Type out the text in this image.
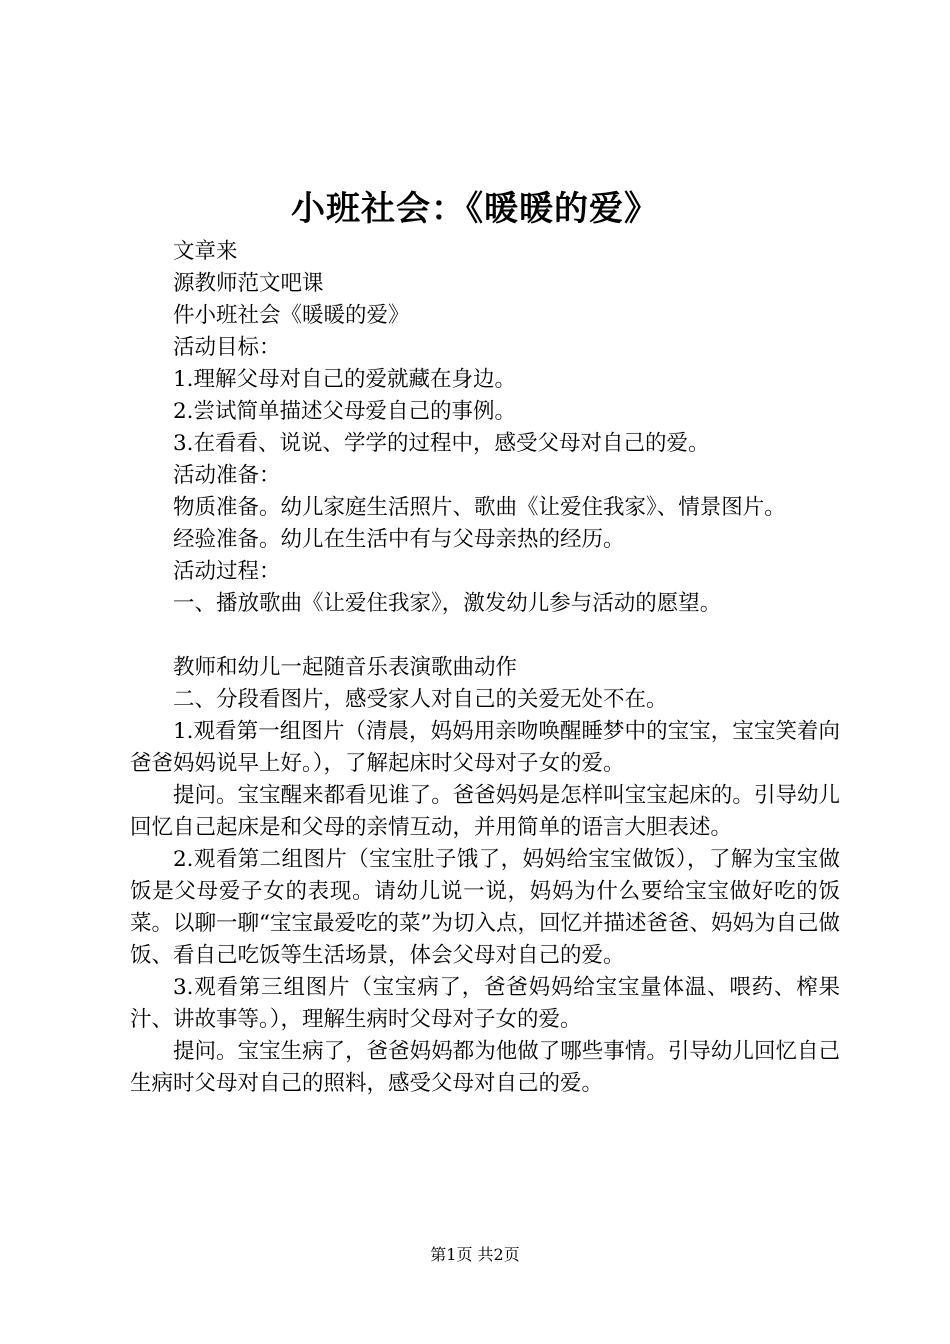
小班社会：《暖暖的爱》

文章来

源教师范文吧课

件小班社会《暖暖的爱》

活动目标：

1.理解父母对自己的爱就藏在身边。

2.尝试简单描述父母爱自己的事例。

3.在看看、说说、学学的过程中，感受父母对自己的爱。

活动准备：

物质准备。幼儿家庭生活照片、歌曲《让爱住我家》、情景图片。

经验准备。幼儿在生活中有与父母亲热的经历。

活动过程：

一、播放歌曲《让爱住我家》，激发幼儿参与活动的愿望。

教师和幼儿一起随音乐表演歌曲动作

二、分段看图片，感受家人对自己的关爱无处不在。

1.观看第一组图片（清晨，妈妈用亲吻唤醒睡梦中的宝宝，宝宝笑着向爸爸妈妈说早上好。），了解起床时父母对子女的爱。

提问。宝宝醒来都看见谁了。爸爸妈妈是怎样叫宝宝起床的。引导幼儿回忆自己起床是和父母的亲情互动，并用简单的语言大胆表述。

2.观看第二组图片（宝宝肚子饿了，妈妈给宝宝做饭），了解为宝宝做饭是父母爱子女的表现。请幼儿说一说，妈妈为什么要给宝宝做好吃的饭菜。以聊一聊“宝宝最爱吃的菜”为切入点，回忆并描述爸爸、妈妈为自己做饭、看自己吃饭等生活场景，体会父母对自己的爱。

3.观看第三组图片（宝宝病了，爸爸妈妈给宝宝量体温、喂药、榨果汁、讲故事等。），理解生病时父母对子女的爱。

提问。宝宝生病了，爸爸妈妈都为他做了哪些事情。引导幼儿回忆自己生病时父母对自己的照料，感受父母对自己的爱。

第1页 共2页
